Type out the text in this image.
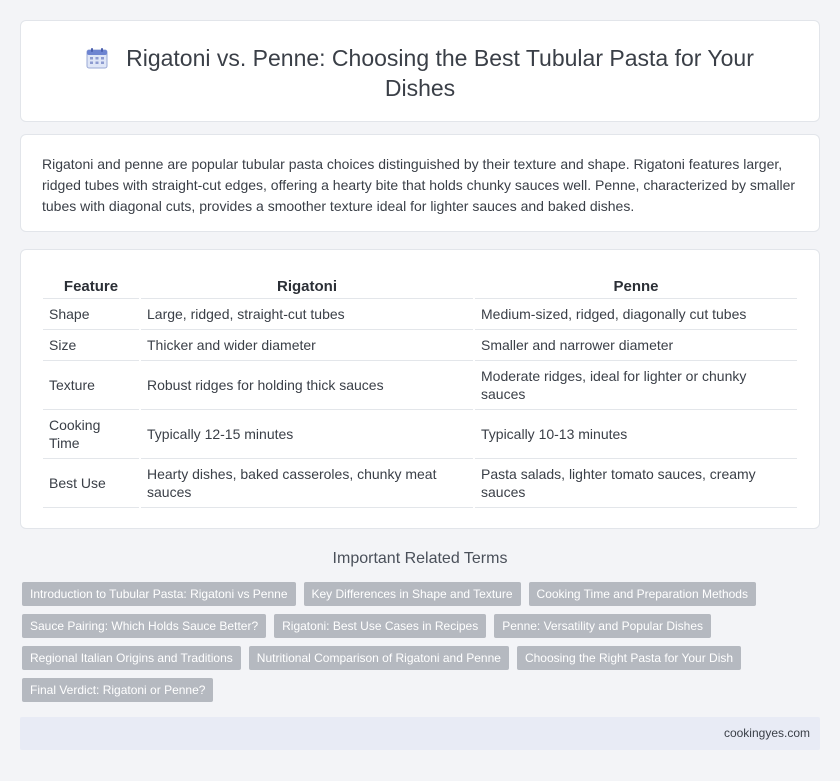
Rigatoni vs. Penne: Choosing the Best Tubular Pasta for Your Dishes

Rigatoni and penne are popular tubular pasta choices distinguished by their texture and shape. Rigatoni features larger, ridged tubes with straight-cut edges, offering a hearty bite that holds chunky sauces well. Penne, characterized by smaller tubes with diagonal cuts, provides a smoother texture ideal for lighter sauces and baked dishes.

Feature	Rigatoni	Penne
Shape	Large, ridged, straight-cut tubes	Medium-sized, ridged, diagonally cut tubes
Size	Thicker and wider diameter	Smaller and narrower diameter
Texture	Robust ridges for holding thick sauces	Moderate ridges, ideal for lighter or chunky sauces
Cooking Time	Typically 12-15 minutes	Typically 10-13 minutes
Best Use	Hearty dishes, baked casseroles, chunky meat sauces	Pasta salads, lighter tomato sauces, creamy sauces
Important Related Terms
Introduction to Tubular Pasta: Rigatoni vs Penne	Key Differences in Shape and Texture	Cooking Time and Preparation Methods
Sauce Pairing: Which Holds Sauce Better?	Rigatoni: Best Use Cases in Recipes	Penne: Versatility and Popular Dishes
Regional Italian Origins and Traditions	Nutritional Comparison of Rigatoni and Penne	Choosing the Right Pasta for Your Dish
Final Verdict: Rigatoni or Penne?
cookingyes.com
